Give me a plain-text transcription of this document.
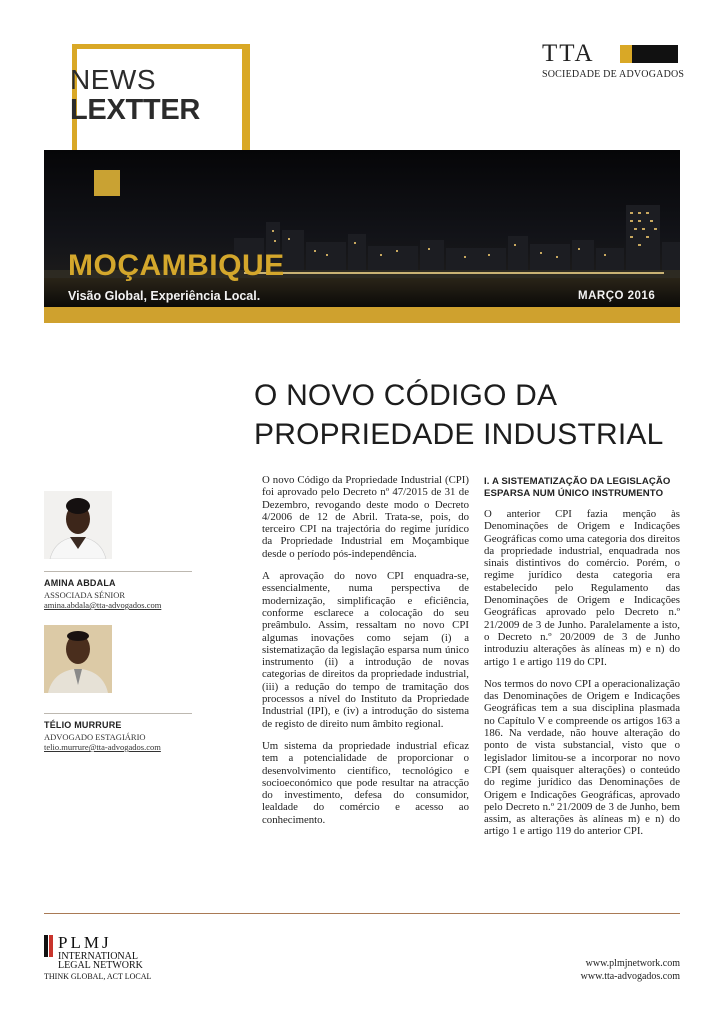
NEWS
LEXTTER
TTA
SOCIEDADE DE ADVOGADOS
MOÇAMBIQUE
Visão Global, Experiência Local.	MARÇO 2016
O NOVO CÓDIGO DA
PROPRIEDADE INDUSTRIAL
AMINA ABDALA
ASSOCIADA SÉNIOR
amina.abdala@tta-advogados.com
TÉLIO MURRURE
ADVOGADO ESTAGIÁRIO
telio.murrure@tta-advogados.com

O novo Código da Propriedade Industrial (CPI) foi aprovado pelo Decreto nº 47/2015 de 31 de Dezembro, revogando deste modo o Decreto 4/2006 de 12 de Abril. Trata-se, pois, do terceiro CPI na trajectória do regime jurídico da Propriedade Industrial em Moçambique desde o período pós-independência.

A aprovação do novo CPI enquadra-se, essencialmente, numa perspectiva de modernização, simplificação e eficiência, conforme esclarece a colocação do seu preâmbulo. Assim, ressaltam no novo CPI algumas inovações como sejam (i) a sistematização da legislação esparsa num único instrumento (ii) a introdução de novas categorias de direitos da propriedade industrial, (iii) a redução do tempo de tramitação dos processos a nível do Instituto da Propriedade Industrial (IPI), e (iv) a introdução do sistema de registo de direito num âmbito regional.

Um sistema da propriedade industrial eficaz tem a potencialidade de proporcionar o desenvolvimento científico, tecnológico e socioeconómico que pode resultar na atracção do investimento, defesa do consumidor, lealdade do comércio e acesso ao conhecimento.

I. A SISTEMATIZAÇÃO DA LEGISLAÇÃO ESPARSA NUM ÚNICO INSTRUMENTO

O anterior CPI fazia menção às Denominações de Origem e Indicações Geográficas como uma categoria dos direitos da propriedade industrial, enquadrada nos sinais distintivos do comércio. Porém, o regime jurídico desta categoria era estabelecido pelo Regulamento das Denominações de Origem e Indicações Geográficas aprovado pelo Decreto n.º 21/2009 de 3 de Junho. Paralelamente a isto, o Decreto n.º 20/2009 de 3 de Junho introduziu alterações às alíneas m) e n) do artigo 1 e artigo 119 do CPI.

Nos termos do novo CPI a operacionalização das Denominações de Origem e Indicações Geográficas tem a sua disciplina plasmada no Capítulo V e compreende os artigos 163 a 186. Na verdade, não houve alteração do ponto de vista substancial, visto que o legislador limitou-se a incorporar no novo CPI (sem quaisquer alterações) o conteúdo do regime jurídico das Denominações de Origem e Indicações Geográficas, aprovado pelo Decreto n.º 21/2009 de 3 de Junho, bem assim, as alterações às alíneas m) e n) do artigo 1 e artigo 119 do anterior CPI.

PLMJ
INTERNATIONAL
LEGAL NETWORK
THINK GLOBAL, ACT LOCAL
www.plmjnetwork.com
www.tta-advogados.com
